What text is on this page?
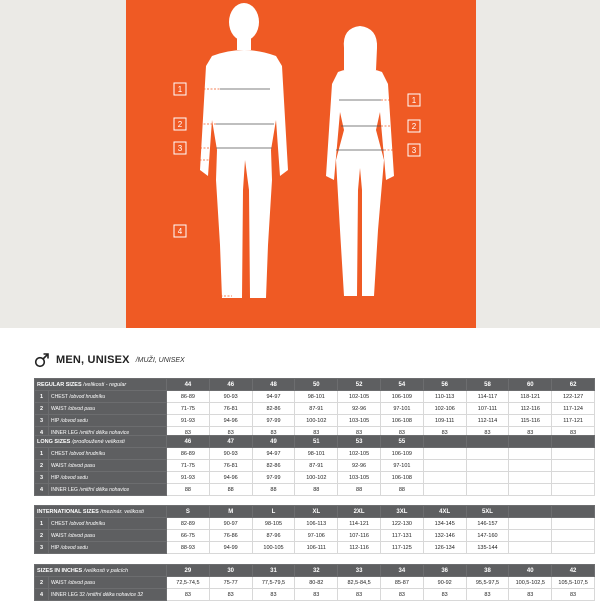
1
2
3
4
1
2
3
MEN, UNISEX /MUŽI, UNISEX
REGULAR SIZES /velikosti - regular		44	46	48	50	52	54	56	58	60	62
1	CHEST /obvod hrudníku	86-89	90-93	94-97	98-101	102-105	106-109	110-113	114-117	118-121	122-127
2	WAIST /obvod pasu	71-75	76-81	82-86	87-91	92-96	97-101	102-106	107-111	112-116	117-124
3	HIP /obvod sedu	91-93	94-96	97-99	100-102	103-105	106-108	109-111	112-114	115-116	117-121
4	INNER LEG /vnitřní délka nohavice	83	83	83	83	83	83	83	83	83	83
LONG SIZES /prodloužené velikosti		46	47	49	51	53	55				
1	CHEST /obvod hrudníku	86-89	90-93	94-97	98-101	102-105	106-109				
2	WAIST /obvod pasu	71-75	76-81	82-86	87-91	92-96	97-101				
3	HIP /obvod sedu	91-93	94-96	97-99	100-102	103-105	106-108				
4	INNER LEG /vnitřní délka nohavice	88	88	88	88	88	88				
INTERNATIONAL SIZES /mezinár. velikosti		S	M	L	XL	2XL	3XL	4XL	5XL		
1	CHEST /obvod hrudníku	82-89	90-97	98-105	106-113	114-121	122-130	134-145	146-157		
2	WAIST /obvod pasu	66-75	76-86	87-96	97-106	107-116	117-131	132-146	147-160		
3	HIP /obvod sedu	88-93	94-99	100-105	106-111	112-116	117-125	126-134	135-144		
SIZES IN INCHES /velikosti v palcích		29	30	31	32	33	34	36	38	40	42
2	WAIST /obvod pasu	72,5-74,5	75-77	77,5-79,5	80-82	82,5-84,5	85-87	90-92	95,5-97,5	100,5-102,5	105,5-107,5
4	INNER LEG 32 /vnitřní délka nohavice 32	83	83	83	83	83	83	83	83	83	83
